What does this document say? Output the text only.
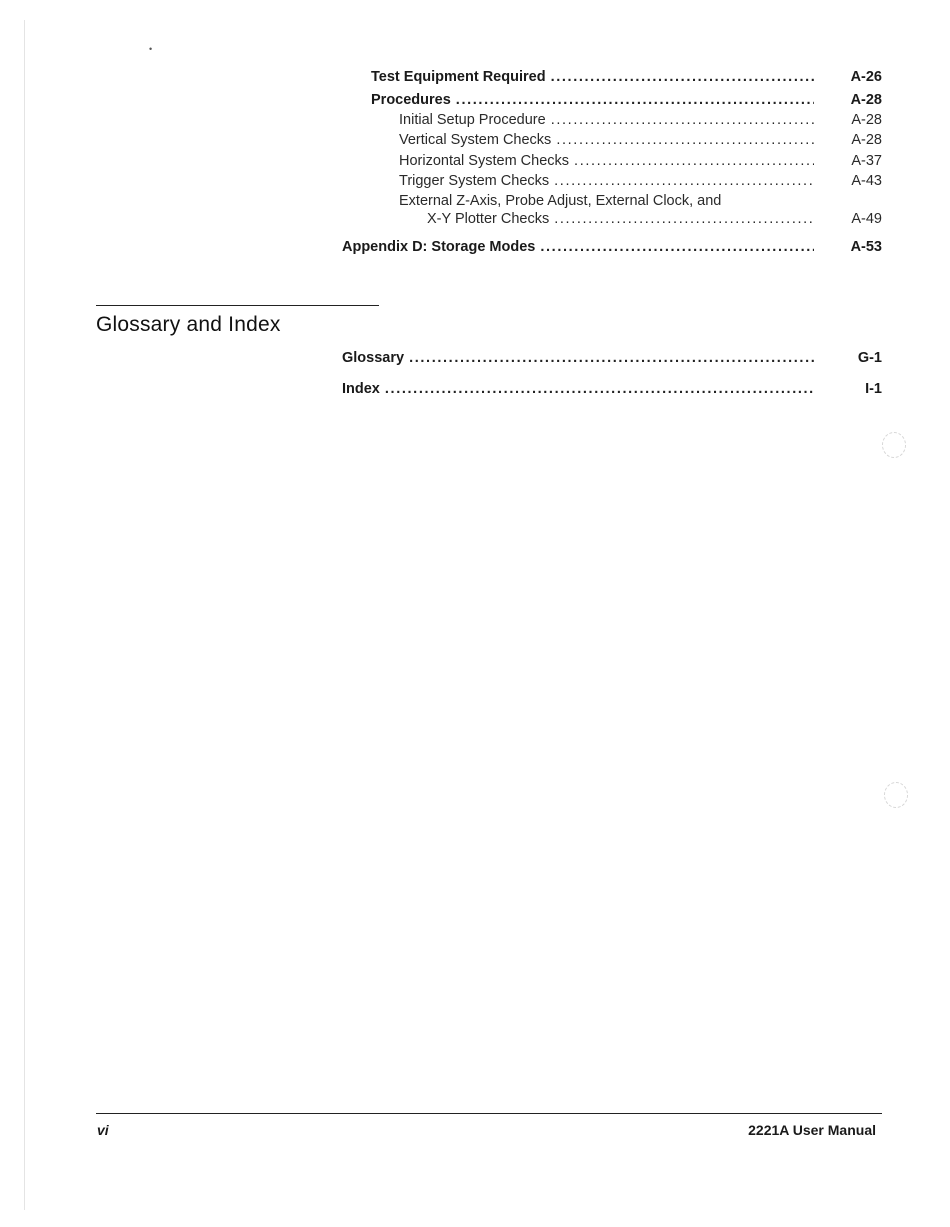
•
Test Equipment Required . . .	A-26
Procedures . . .	A-28
Initial Setup Procedure . . .	A-28
Vertical System Checks . . .	A-28
Horizontal System Checks . . .	A-37
Trigger System Checks . . .	A-43
External Z-Axis, Probe Adjust, External Clock, and
X-Y Plotter Checks . . .	A-49
Appendix D: Storage Modes . . .	A-53
Glossary and Index
Glossary . . .	G-1
Index . . .	I-1
vi	2221A User Manual
